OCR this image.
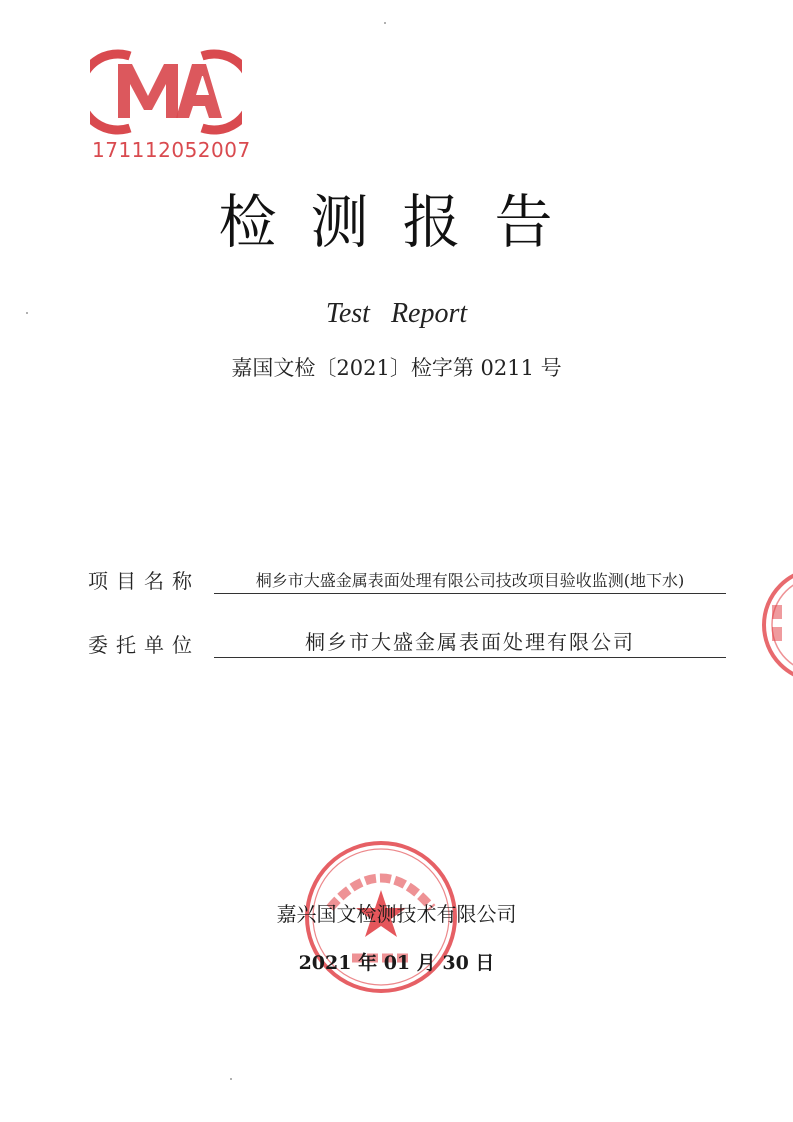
171112052007
检测报告
Test Report
嘉国文检〔2021〕检字第 0211 号
项目名称	桐乡市大盛金属表面处理有限公司技改项目验收监测(地下水)
委托单位	桐乡市大盛金属表面处理有限公司
嘉兴国文检测技术有限公司
2021 年 01 月 30 日
